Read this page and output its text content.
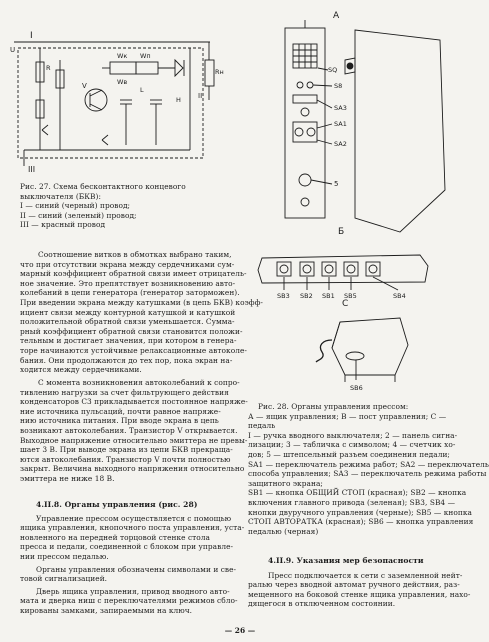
I
U
V
Wк Wп
Wв
L
Rн
H II
III
R
Рис. 27. Схема бесконтактного концевого выключателя (БКВ):
I — синий (черный) провод;
II — синий (зеленый) провод;
III — красный провод
Соотношение витков в обмотках выбрано таким,
что при отсутствии экрана между сердечниками сум-
марный коэффициент обратной связи имеет отрицатель-
ное значение. Это препятствует возникновению авто-
колебаний в цепи генератора (генератор заторможен).
При введении экрана между катушками (в цепь БКВ) коэфф-
ициент связи между контурной катушкой и катушкой
положительной обратной связи уменьшается. Сумма-
рный коэффициент обратной связи становится положи-
тельным и достигает значения, при котором в генера-
торе начинаются устойчивые релаксационные автоколе-
бания. Они продолжаются до тех пор, пока экран на-
ходится между сердечниками.
С момента возникновения автоколебаний к сопро-
тивлению нагрузки за счет фильтрующего действия
конденсаторов С3 прикладывается постоянное напряже-
ние источника пульсаций, почти равное напряже-
нию источника питания. При вводе экрана в цепь
возникают автоколебания. Транзистор V открывается.
Выходное напряжение относительно эмиттера не превы-
шает 3 В. При выводе экрана из цепи БКВ прекраща-
ются автоколебания. Транзистор V почти полностью
закрыт. Величина выходного напряжения относительно
эмиттера не ниже 18 В.
4.II.8. Органы управления (рис. 28)
Управление прессом осуществляется с помощью
ящика управления, кнопочного поста управления, уста-
новленного на передней торцовой стенке стола
пресса и педали, соединенной с блоком при управле-
нии прессом педалью.
Органы управления обозначены символами и све-
товой сигнализацией.
Дверь ящика управления, привод вводного авто-
мата и дверка ниш с переключателями режимов сбло-
кированы замками, запираемыми на ключ.
— 26 —
А
SQ
S8
SA3
SA1
SA2
5
Б
SB3 SB2 SB1 SB5	SB4
С
SB6
Рис. 28. Органы управления прессом:
А — ящик управления; В — пост управления; С —
педаль
I — ручка вводного выключателя; 2 — панель сигна-
лизации; 3 — табличка с символом; 4 — счетчик хо-
дов; 5 — штепсельный разъем соединения педали;
SA1 — переключатель режима работ; SA2 — переключатель
способа управления; SA3 — переключатель режима работы
защитного экрана;
SB1 — кнопка ОБЩИЙ СТОП (красная); SB2 — кнопка
включения главного привода (зеленая); SB3, SB4 —
кнопки двуручного управления (черные); SB5 — кнопка
СТОП АВТОРАТКА (красная); SB6 — кнопка управления
педалью (черная)
4.II.9. Указания мер безопасности
Пресс подключается к сети с заземленной нейт-
ралью через вводной автомат ручного действия, раз-
мещенного на боковой стенке ящика управления, нахо-
дящегося в отключенном состоянии.
